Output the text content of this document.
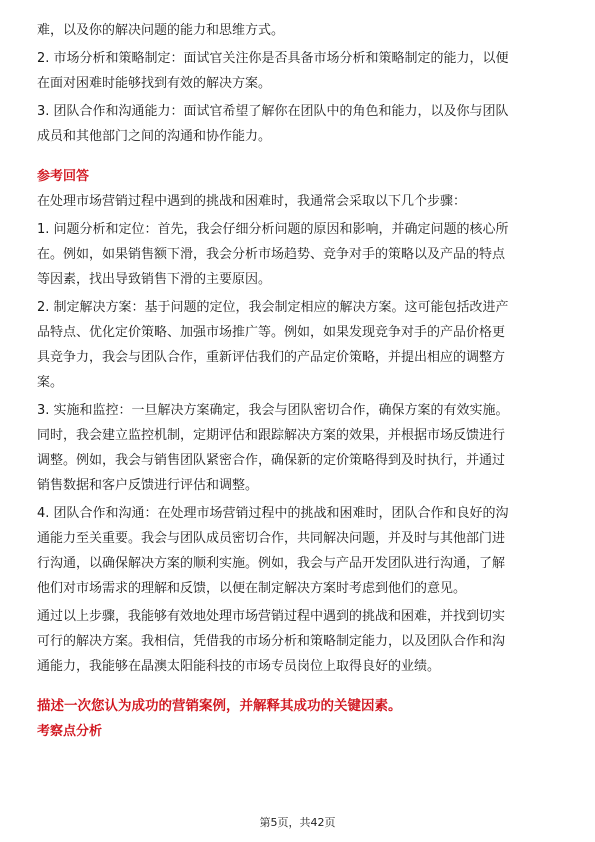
难，以及你的解决问题的能力和思维方式。
2. 市场分析和策略制定：面试官关注你是否具备市场分析和策略制定的能力，以便
在面对困难时能够找到有效的解决方案。
3. 团队合作和沟通能力：面试官希望了解你在团队中的角色和能力，以及你与团队
成员和其他部门之间的沟通和协作能力。

参考回答

在处理市场营销过程中遇到的挑战和困难时，我通常会采取以下几个步骤：
1. 问题分析和定位：首先，我会仔细分析问题的原因和影响，并确定问题的核心所
在。例如，如果销售额下滑，我会分析市场趋势、竞争对手的策略以及产品的特点
等因素，找出导致销售下滑的主要原因。
2. 制定解决方案：基于问题的定位，我会制定相应的解决方案。这可能包括改进产
品特点、优化定价策略、加强市场推广等。例如，如果发现竞争对手的产品价格更
具竞争力，我会与团队合作，重新评估我们的产品定价策略，并提出相应的调整方
案。
3. 实施和监控：一旦解决方案确定，我会与团队密切合作，确保方案的有效实施。
同时，我会建立监控机制，定期评估和跟踪解决方案的效果，并根据市场反馈进行
调整。例如，我会与销售团队紧密合作，确保新的定价策略得到及时执行，并通过
销售数据和客户反馈进行评估和调整。
4. 团队合作和沟通：在处理市场营销过程中的挑战和困难时，团队合作和良好的沟
通能力至关重要。我会与团队成员密切合作，共同解决问题，并及时与其他部门进
行沟通，以确保解决方案的顺利实施。例如，我会与产品开发团队进行沟通，了解
他们对市场需求的理解和反馈，以便在制定解决方案时考虑到他们的意见。
通过以上步骤，我能够有效地处理市场营销过程中遇到的挑战和困难，并找到切实
可行的解决方案。我相信，凭借我的市场分析和策略制定能力，以及团队合作和沟
通能力，我能够在晶澳太阳能科技的市场专员岗位上取得良好的业绩。

描述一次您认为成功的营销案例，并解释其成功的关键因素。

考察点分析

第5页，共42页
